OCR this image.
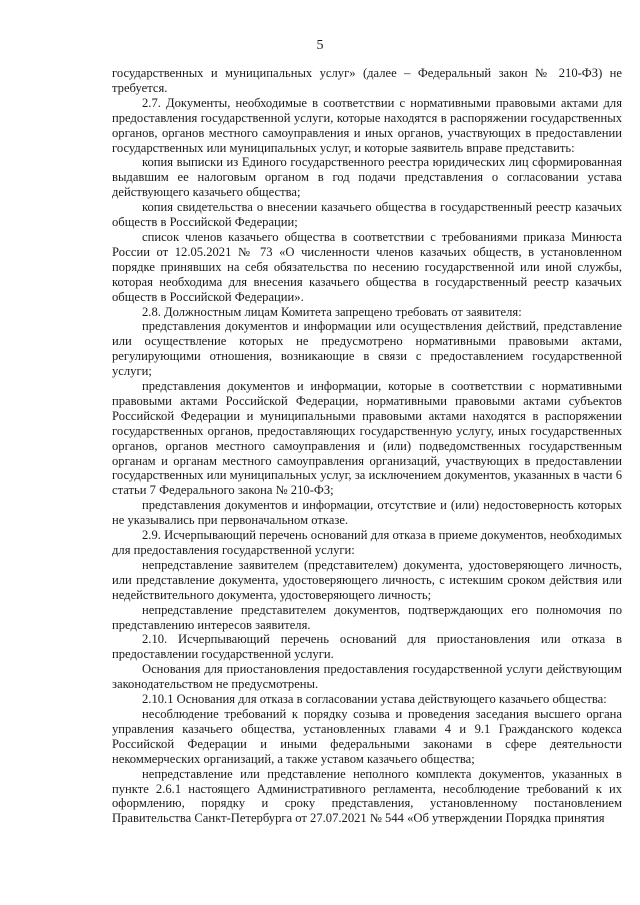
5

государственных и муниципальных услуг» (далее – Федеральный закон № 210-ФЗ) не требуется.

2.7. Документы, необходимые в соответствии с нормативными правовыми актами для предоставления государственной услуги, которые находятся в распоряжении государственных органов, органов местного самоуправления и иных органов, участвующих в предоставлении государственных или муниципальных услуг, и которые заявитель вправе представить:

копия выписки из Единого государственного реестра юридических лиц сформированная выдавшим ее налоговым органом в год подачи представления о согласовании устава действующего казачьего общества;

копия свидетельства о внесении казачьего общества в государственный реестр казачьих обществ в Российской Федерации;

список членов казачьего общества в соответствии с требованиями приказа Минюста России от 12.05.2021 № 73 «О численности членов казачьих обществ, в установленном порядке принявших на себя обязательства по несению государственной или иной службы, которая необходима для внесения казачьего общества в государственный реестр казачьих обществ в Российской Федерации».

2.8. Должностным лицам Комитета запрещено требовать от заявителя:

представления документов и информации или осуществления действий, представление или осуществление которых не предусмотрено нормативными правовыми актами, регулирующими отношения, возникающие в связи с предоставлением государственной услуги;

представления документов и информации, которые в соответствии с нормативными правовыми актами Российской Федерации, нормативными правовыми актами субъектов Российской Федерации и муниципальными правовыми актами находятся в распоряжении государственных органов, предоставляющих государственную услугу, иных государственных органов, органов местного самоуправления и (или) подведомственных государственным органам и органам местного самоуправления организаций, участвующих в предоставлении государственных или муниципальных услуг, за исключением документов, указанных в части 6 статьи 7 Федерального закона № 210-ФЗ;

представления документов и информации, отсутствие и (или) недостоверность которых не указывались при первоначальном отказе.

2.9. Исчерпывающий перечень оснований для отказа в приеме документов, необходимых для предоставления государственной услуги:

непредставление заявителем (представителем) документа, удостоверяющего личность, или представление документа, удостоверяющего личность, с истекшим сроком действия или недействительного документа, удостоверяющего личность;

непредставление представителем документов, подтверждающих его полномочия по представлению интересов заявителя.

2.10. Исчерпывающий перечень оснований для приостановления или отказа в предоставлении государственной услуги.

Основания для приостановления предоставления государственной услуги действующим законодательством не предусмотрены.

2.10.1 Основания для отказа в согласовании устава действующего казачьего общества:

несоблюдение требований к порядку созыва и проведения заседания высшего органа управления казачьего общества, установленных главами 4 и 9.1 Гражданского кодекса Российской Федерации и иными федеральными законами в сфере деятельности некоммерческих организаций, а также уставом казачьего общества;

непредставление или представление неполного комплекта документов, указанных в пункте 2.6.1 настоящего Административного регламента, несоблюдение требований к их оформлению, порядку и сроку представления, установленному постановлением Правительства Санкт-Петербурга от 27.07.2021 № 544 «Об утверждении Порядка принятия
